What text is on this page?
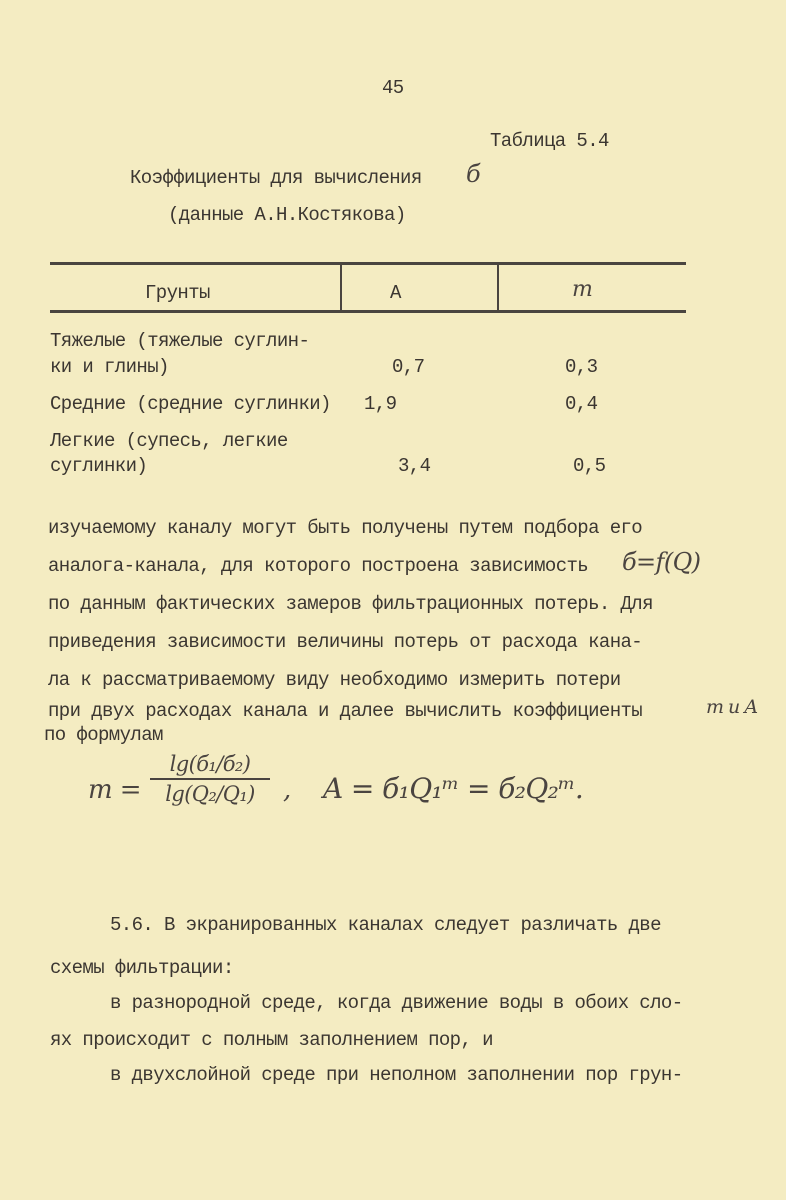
45
Таблица 5.4
Коэффициенты для вычисления б
(данные А.Н.Костякова)
Грунты	А	m
Тяжелые (тяжелые суглин-
ки и глины)	0,7	0,3
Средние (средние суглинки) 1,9	0,4
Легкие (супесь, легкие
суглинки)	3,4	0,5
изучаемому каналу могут быть получены путем подбора его
аналога-канала, для которого построена зависимость б=f(Q)
по данным фактических замеров фильтрационных потерь. Для
приведения зависимости величины потерь от расхода кана-
ла к рассматриваемому виду необходимо измерить потери
при двух расходах канала и далее вычислить коэффициенты	m и A
по формулам
m =
lg(б₁/б₂)
lg(Q₂/Q₁) , A = б₁Q₁ᵐ = б₂Q₂ᵐ.
5.6. В экранированных каналах следует различать две
схемы фильтрации:
в разнородной среде, когда движение воды в обоих сло-
ях происходит с полным заполнением пор, и
в двухслойной среде при неполном заполнении пор грун-
